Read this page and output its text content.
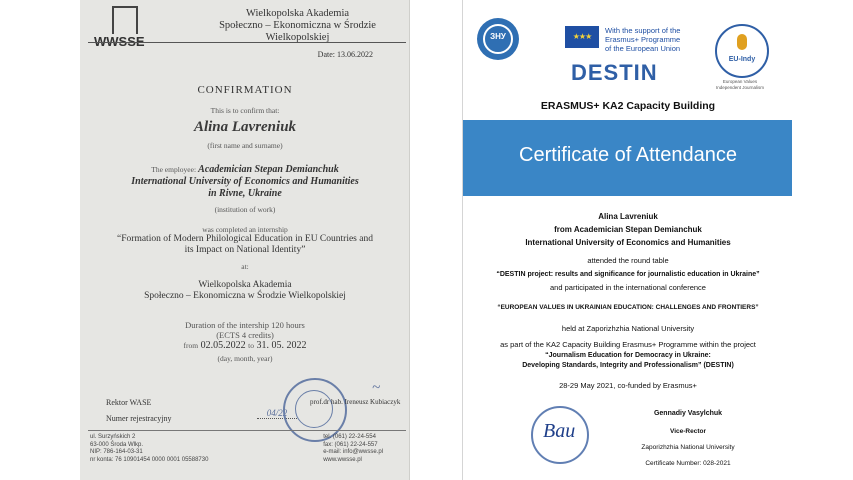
WWSSE
Wielkopolska Akademia
Społeczno – Ekonomiczna w Środzie Wielkopolskiej
Date: 13.06.2022
CONFIRMATION
This is to confirm that:
Alina Lavreniuk
(first name and surname)
The employee: Academician Stepan Demianchuk
International University of Economics and Humanities
in Rivne, Ukraine
(institution of work)
was completed an internship
“Formation of Modern Philological Education in EU Countries and
its Impact on National Identity”
at:
Wielkopolska Akademia
Społeczno – Ekonomiczna w Środzie Wielkopolskiej
Duration of the intership 120 hours
(ECTS 4 credits)
from 02.05.2022 to 31. 05. 2022
(day, month, year)
Rektor WASE
Numer rejestracyjny
04/22
~
prof.dr hab. Ireneusz Kubiaczyk
ul. Surzyńskich 2
63-000 Środa Wlkp.
NIP: 786-164-03-31
nr konta: 76 10901454 0000 0001 05588730
tel. (061) 22-24-554
fax: (061) 22-24-557
e-mail: info@wwsse.pl
www.wwsse.pl
ЗНУ	★★★
With the support of the
Erasmus+ Programme
of the European Union
DESTIN
EU-Indy
European Values
Independent Journalism
ERASMUS+ KA2 Capacity Building
Certificate of Attendance
Alina Lavreniuk
from Academician Stepan Demianchuk
International University of Economics and Humanities
attended the round table
“DESTIN project: results and significance for journalistic education in Ukraine”
and participated in the international conference
“EUROPEAN VALUES IN UKRAINIAN EDUCATION: CHALLENGES AND FRONTIERS”
held at Zaporizhzhia National University
as part of the KA2 Capacity Building Erasmus+ Programme within the project
“Journalism Education for Democracy in Ukraine:
Developing Standards, Integrity and Professionalism” (DESTIN)
28-29 May 2021, co-funded by Erasmus+
Bau
Gennadiy Vasylchuk
Vice-Rector
Zaporizhzhia National University
Certificate Number: 028-2021
